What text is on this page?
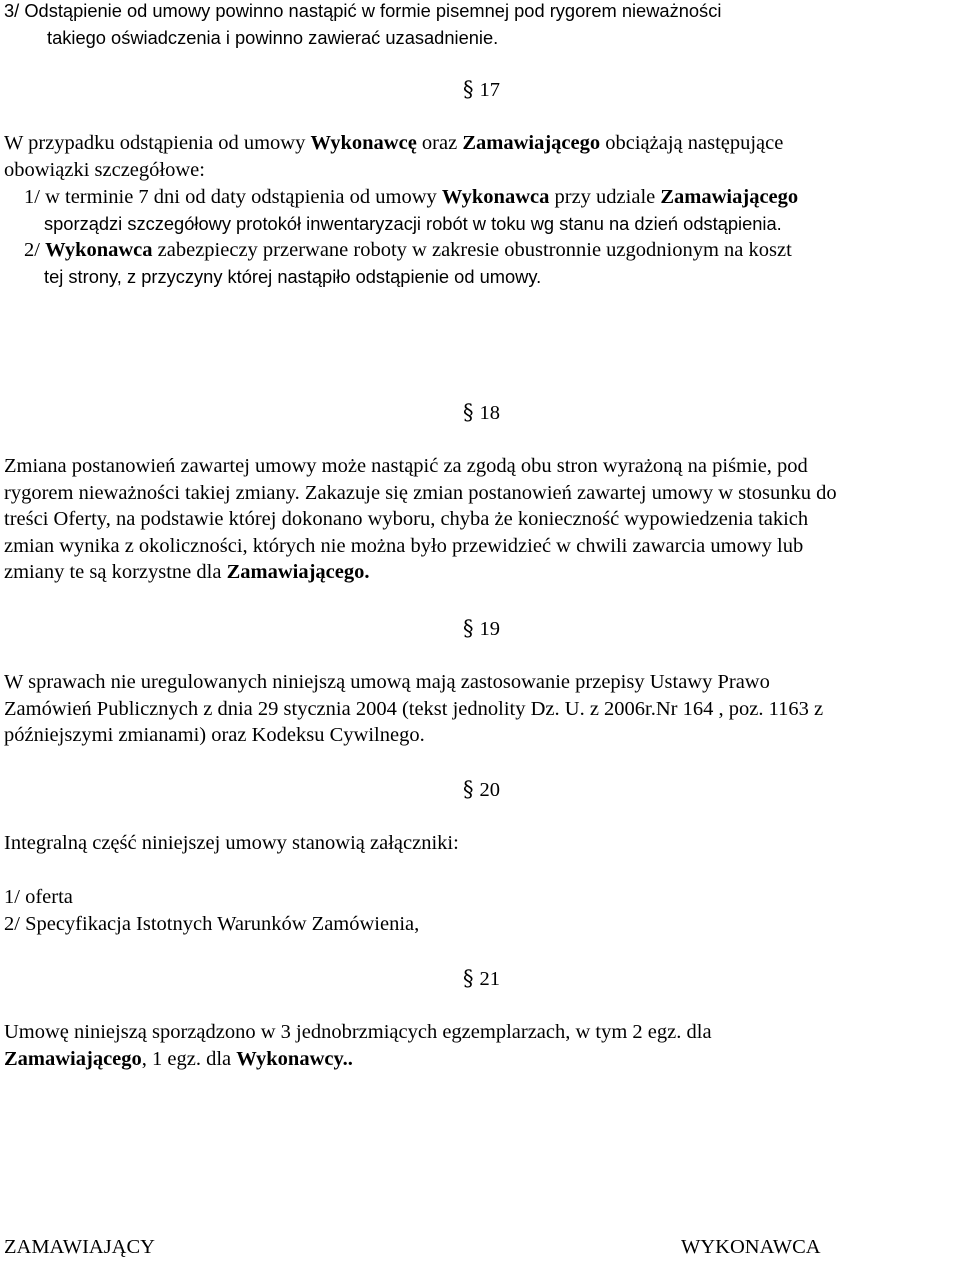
3/ Odstąpienie od umowy powinno nastąpić w formie pisemnej pod rygorem nieważności
takiego oświadczenia i powinno zawierać uzasadnienie.
§ 17
W przypadku odstąpienia od umowy Wykonawcę oraz Zamawiającego obciążają następujące
obowiązki szczegółowe:
1/ w terminie 7 dni od daty odstąpienia od umowy Wykonawca przy udziale Zamawiającego
sporządzi szczegółowy protokół inwentaryzacji robót w toku wg stanu na dzień odstąpienia.
2/ Wykonawca zabezpieczy przerwane roboty w zakresie obustronnie uzgodnionym na koszt
tej strony, z przyczyny której nastąpiło odstąpienie od umowy.
§ 18
Zmiana postanowień zawartej umowy może nastąpić za zgodą obu stron wyrażoną na piśmie, pod
rygorem nieważności takiej zmiany. Zakazuje się zmian postanowień zawartej umowy w stosunku do
treści Oferty, na podstawie której dokonano wyboru, chyba że konieczność wypowiedzenia takich
zmian wynika z okoliczności, których nie można było przewidzieć w chwili zawarcia umowy lub
zmiany te są korzystne dla Zamawiającego.
§ 19
W sprawach nie uregulowanych niniejszą umową mają zastosowanie przepisy Ustawy Prawo
Zamówień Publicznych z dnia 29 stycznia 2004 (tekst jednolity Dz. U. z 2006r.Nr 164 , poz. 1163 z
późniejszymi zmianami) oraz Kodeksu Cywilnego.
§ 20
Integralną część niniejszej umowy stanowią załączniki:
1/ oferta
2/ Specyfikacja Istotnych Warunków Zamówienia,
§ 21
Umowę niniejszą sporządzono w 3 jednobrzmiących egzemplarzach, w tym 2 egz. dla
Zamawiającego, 1 egz. dla Wykonawcy..
ZAMAWIAJĄCY	WYKONAWCA
